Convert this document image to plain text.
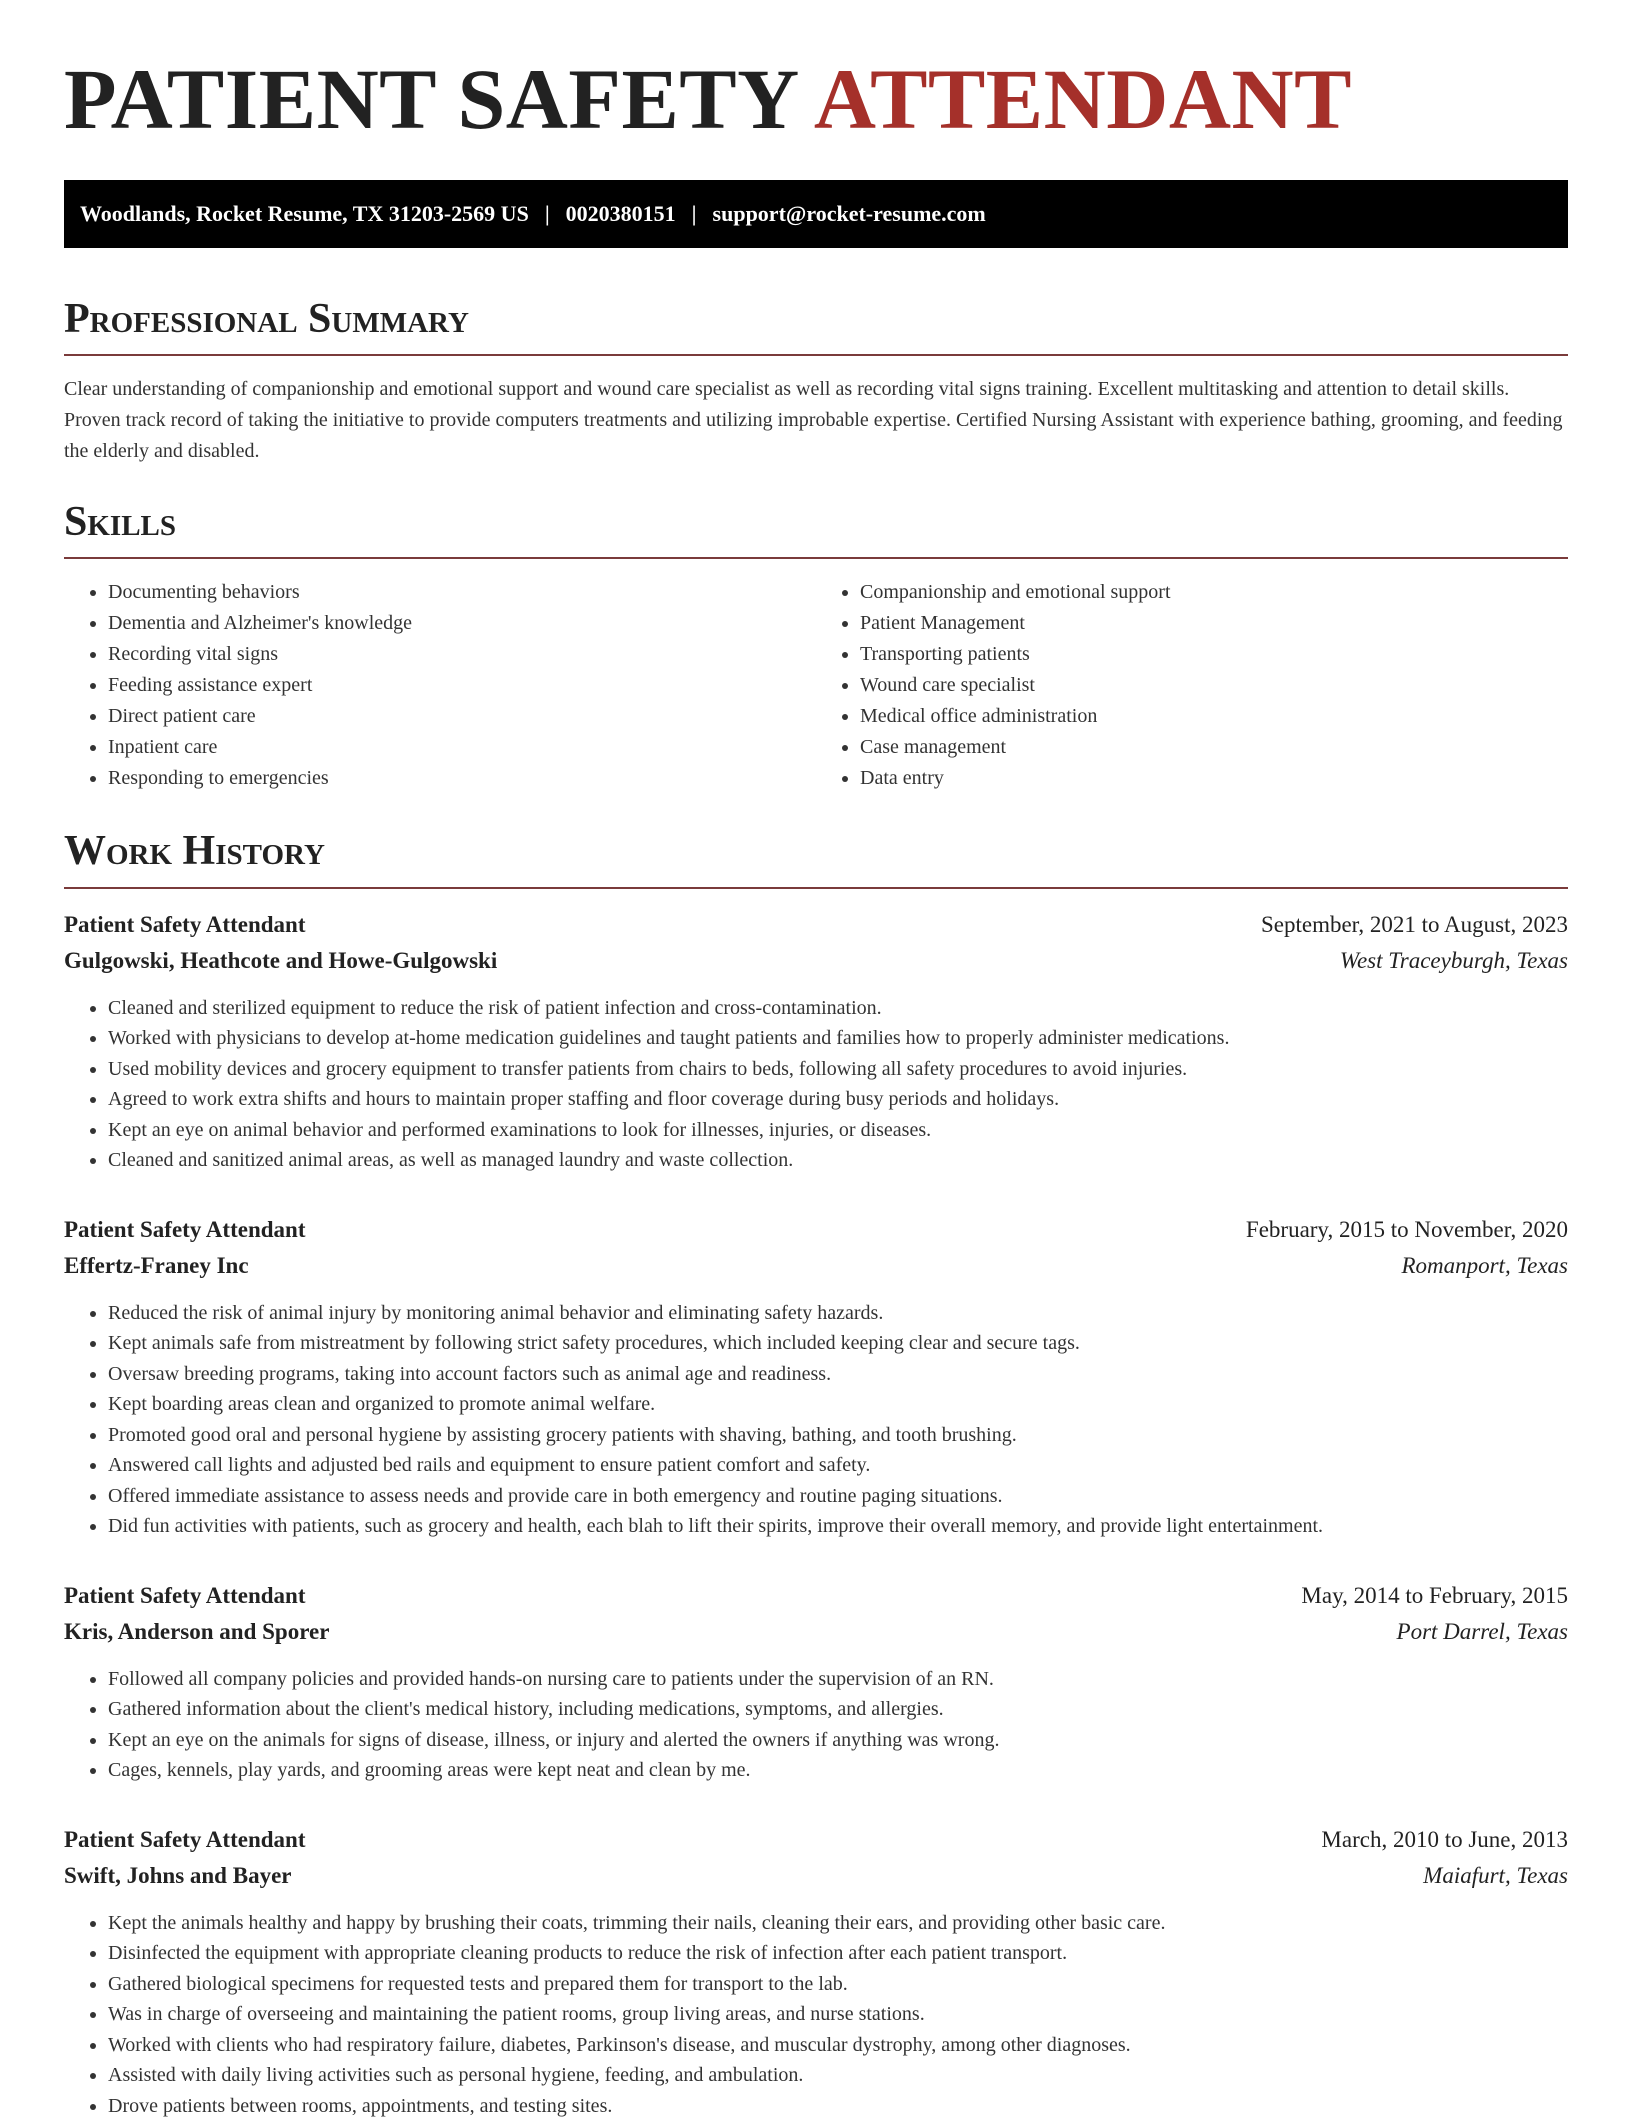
PATIENT SAFETY ATTENDANT
Woodlands, Rocket Resume, TX 31203-2569 US | 0020380151 | support@rocket-resume.com
Professional Summary

Clear understanding of companionship and emotional support and wound care specialist as well as recording vital signs training. Excellent multitasking and attention to detail skills. Proven track record of taking the initiative to provide computers treatments and utilizing improbable expertise. Certified Nursing Assistant with experience bathing, grooming, and feeding the elderly and disabled.

Skills
• Documenting behaviors
• Dementia and Alzheimer's knowledge
• Recording vital signs
• Feeding assistance expert
• Direct patient care
• Inpatient care
• Responding to emergencies
• Companionship and emotional support
• Patient Management
• Transporting patients
• Wound care specialist
• Medical office administration
• Case management
• Data entry
Work History
Patient Safety Attendant	September, 2021 to August, 2023
Gulgowski, Heathcote and Howe-Gulgowski	West Traceyburgh, Texas
• Cleaned and sterilized equipment to reduce the risk of patient infection and cross-contamination.
• Worked with physicians to develop at-home medication guidelines and taught patients and families how to properly administer medications.
• Used mobility devices and grocery equipment to transfer patients from chairs to beds, following all safety procedures to avoid injuries.
• Agreed to work extra shifts and hours to maintain proper staffing and floor coverage during busy periods and holidays.
• Kept an eye on animal behavior and performed examinations to look for illnesses, injuries, or diseases.
• Cleaned and sanitized animal areas, as well as managed laundry and waste collection.
Patient Safety Attendant	February, 2015 to November, 2020
Effertz-Franey Inc	Romanport, Texas
• Reduced the risk of animal injury by monitoring animal behavior and eliminating safety hazards.
• Kept animals safe from mistreatment by following strict safety procedures, which included keeping clear and secure tags.
• Oversaw breeding programs, taking into account factors such as animal age and readiness.
• Kept boarding areas clean and organized to promote animal welfare.
• Promoted good oral and personal hygiene by assisting grocery patients with shaving, bathing, and tooth brushing.
• Answered call lights and adjusted bed rails and equipment to ensure patient comfort and safety.
• Offered immediate assistance to assess needs and provide care in both emergency and routine paging situations.
• Did fun activities with patients, such as grocery and health, each blah to lift their spirits, improve their overall memory, and provide light entertainment.
Patient Safety Attendant	May, 2014 to February, 2015
Kris, Anderson and Sporer	Port Darrel, Texas
• Followed all company policies and provided hands-on nursing care to patients under the supervision of an RN.
• Gathered information about the client's medical history, including medications, symptoms, and allergies.
• Kept an eye on the animals for signs of disease, illness, or injury and alerted the owners if anything was wrong.
• Cages, kennels, play yards, and grooming areas were kept neat and clean by me.
Patient Safety Attendant	March, 2010 to June, 2013
Swift, Johns and Bayer	Maiafurt, Texas
• Kept the animals healthy and happy by brushing their coats, trimming their nails, cleaning their ears, and providing other basic care.
• Disinfected the equipment with appropriate cleaning products to reduce the risk of infection after each patient transport.
• Gathered biological specimens for requested tests and prepared them for transport to the lab.
• Was in charge of overseeing and maintaining the patient rooms, group living areas, and nurse stations.
• Worked with clients who had respiratory failure, diabetes, Parkinson's disease, and muscular dystrophy, among other diagnoses.
• Assisted with daily living activities such as personal hygiene, feeding, and ambulation.
• Drove patients between rooms, appointments, and testing sites.
